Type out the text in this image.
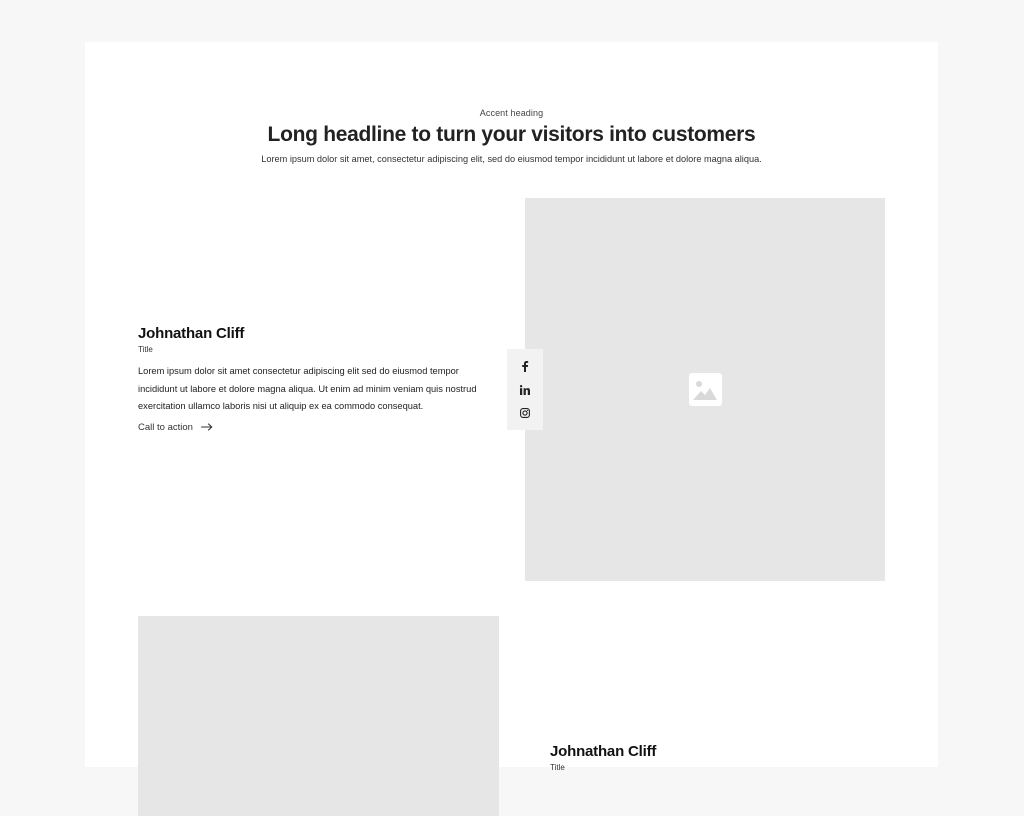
Accent heading
Long headline to turn your visitors into customers
Lorem ipsum dolor sit amet, consectetur adipiscing elit, sed do eiusmod tempor incididunt ut labore et dolore magna aliqua.
Johnathan Cliff
Title
Lorem ipsum dolor sit amet consectetur adipiscing elit sed do eiusmod tempor incididunt ut labore et dolore magna aliqua. Ut enim ad minim veniam quis nostrud exercitation ullamco laboris nisi ut aliquip ex ea commodo consequat.
Call to action
Johnathan Cliff
Title
